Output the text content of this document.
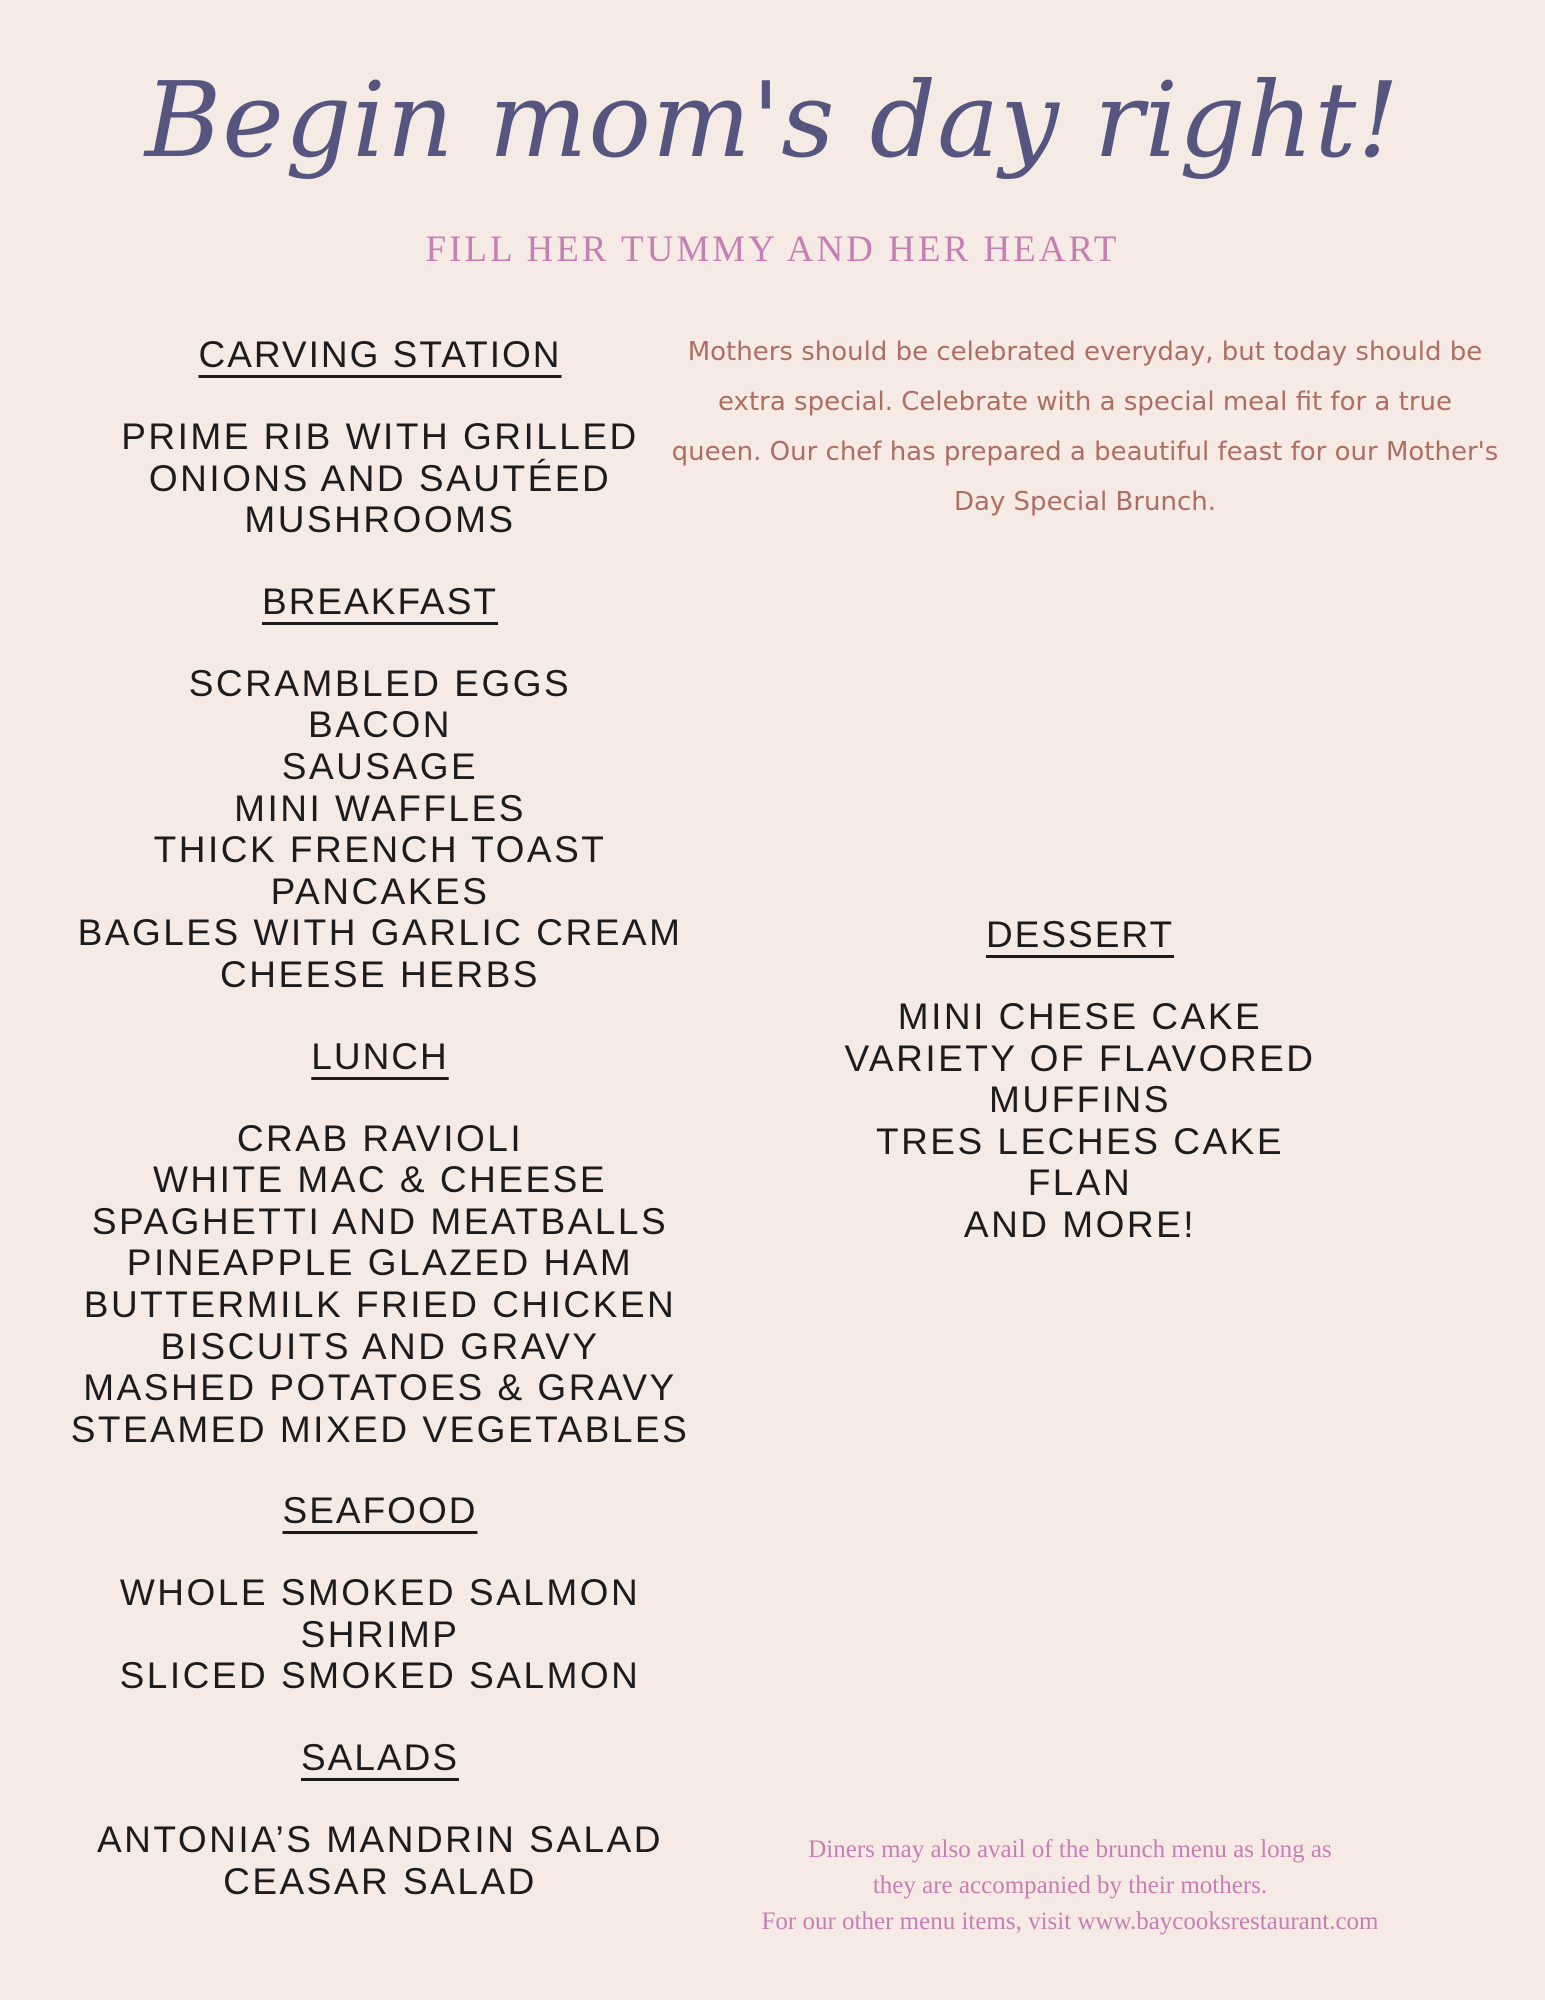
Begin mom's day right!
FILL HER TUMMY AND HER HEART
CARVING STATION
PRIME RIB WITH GRILLED
ONIONS AND SAUTÉED
MUSHROOMS
BREAKFAST
SCRAMBLED EGGS
BACON
SAUSAGE
MINI WAFFLES
THICK FRENCH TOAST
PANCAKES
BAGLES WITH GARLIC CREAM
CHEESE HERBS
LUNCH
CRAB RAVIOLI
WHITE MAC & CHEESE
SPAGHETTI AND MEATBALLS
PINEAPPLE GLAZED HAM
BUTTERMILK FRIED CHICKEN
BISCUITS AND GRAVY
MASHED POTATOES & GRAVY
STEAMED MIXED VEGETABLES
SEAFOOD
WHOLE SMOKED SALMON
SHRIMP
SLICED SMOKED SALMON
SALADS
ANTONIA’S MANDRIN SALAD
CEASAR SALAD

Mothers should be celebrated everyday, but today should be extra special. Celebrate with a special meal fit for a true queen. Our chef has prepared a beautiful feast for our Mother's Day Special Brunch.

DESSERT
MINI CHESE CAKE
VARIETY OF FLAVORED
MUFFINS
TRES LECHES CAKE
FLAN
AND MORE!
Diners may also avail of the brunch menu as long as
they are accompanied by their mothers.
For our other menu items, visit www.baycooksrestaurant.com
